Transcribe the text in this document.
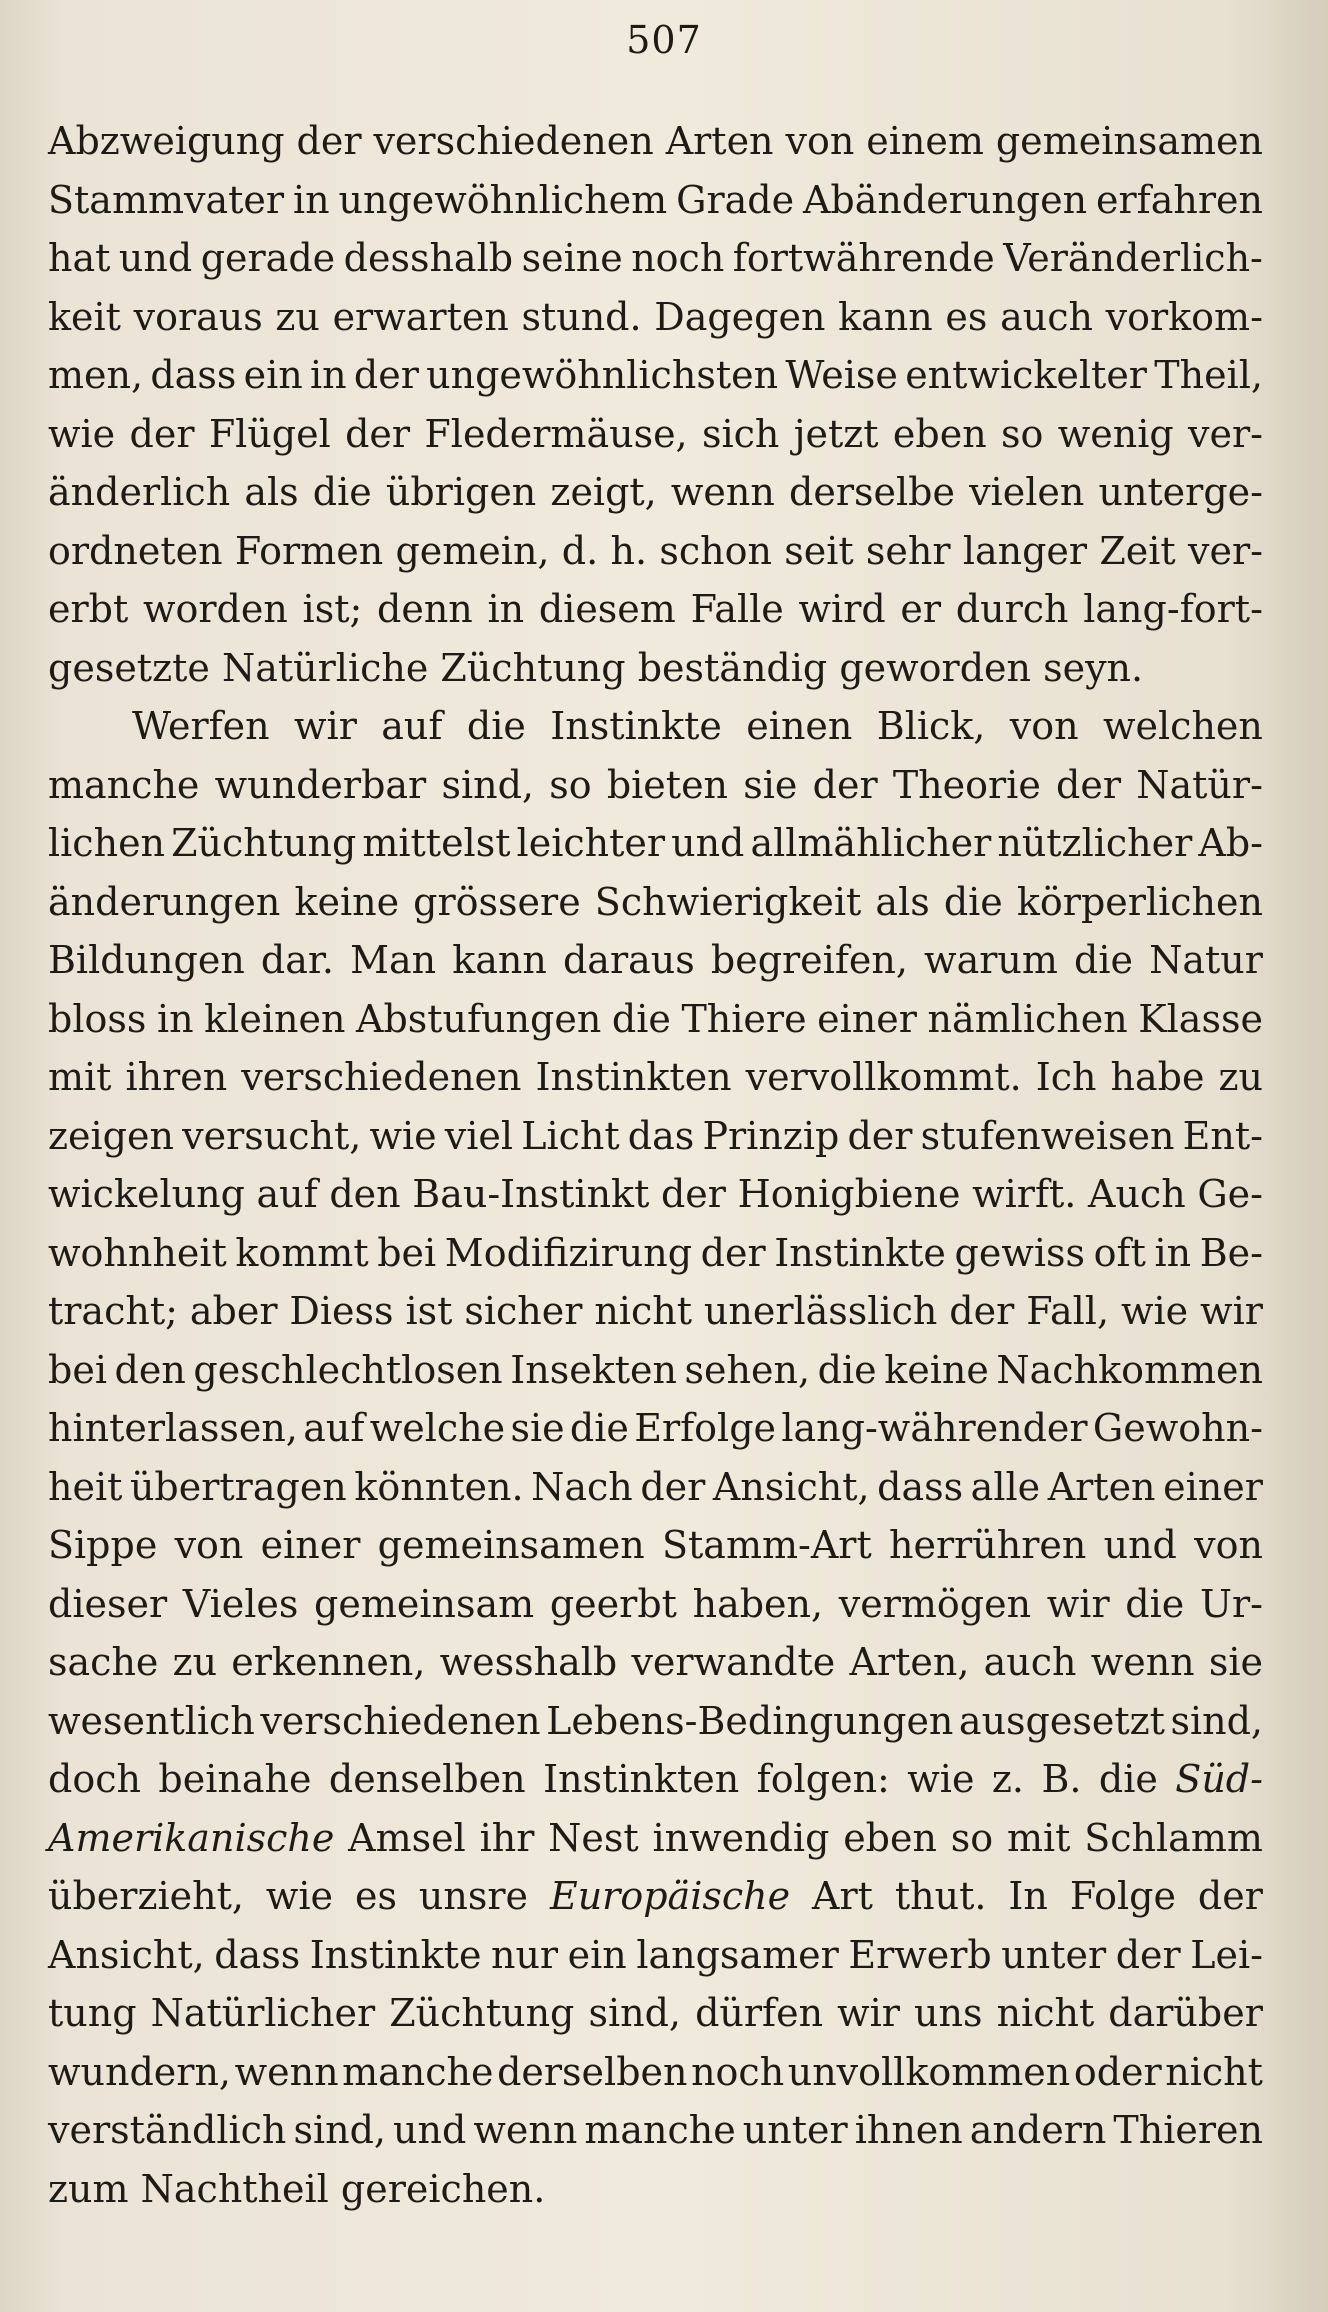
507
Abzweigung der verschiedenen Arten von einem gemeinsamen
Stammvater in ungewöhnlichem Grade Abänderungen erfahren
hat und gerade desshalb seine noch fortwährende Veränderlich-
keit voraus zu erwarten stund. Dagegen kann es auch vorkom-
men, dass ein in der ungewöhnlichsten Weise entwickelter Theil,
wie der Flügel der Fledermäuse, sich jetzt eben so wenig ver-
änderlich als die übrigen zeigt, wenn derselbe vielen unterge-
ordneten Formen gemein, d. h. schon seit sehr langer Zeit ver-
erbt worden ist; denn in diesem Falle wird er durch lang-fort-
gesetzte Natürliche Züchtung beständig geworden seyn.
Werfen wir auf die Instinkte einen Blick, von welchen
manche wunderbar sind, so bieten sie der Theorie der Natür-
lichen Züchtung mittelst leichter und allmählicher nützlicher Ab-
änderungen keine grössere Schwierigkeit als die körperlichen
Bildungen dar. Man kann daraus begreifen, warum die Natur
bloss in kleinen Abstufungen die Thiere einer nämlichen Klasse
mit ihren verschiedenen Instinkten vervollkommt. Ich habe zu
zeigen versucht, wie viel Licht das Prinzip der stufenweisen Ent-
wickelung auf den Bau-Instinkt der Honigbiene wirft. Auch Ge-
wohnheit kommt bei Modifizirung der Instinkte gewiss oft in Be-
tracht; aber Diess ist sicher nicht unerlässlich der Fall, wie wir
bei den geschlechtlosen Insekten sehen, die keine Nachkommen
hinterlassen, auf welche sie die Erfolge lang-währender Gewohn-
heit übertragen könnten. Nach der Ansicht, dass alle Arten einer
Sippe von einer gemeinsamen Stamm-Art herrühren und von
dieser Vieles gemeinsam geerbt haben, vermögen wir die Ur-
sache zu erkennen, wesshalb verwandte Arten, auch wenn sie
wesentlich verschiedenen Lebens-Bedingungen ausgesetzt sind,
doch beinahe denselben Instinkten folgen: wie z. B. die Süd-
Amerikanische Amsel ihr Nest inwendig eben so mit Schlamm
überzieht, wie es unsre Europäische Art thut. In Folge der
Ansicht, dass Instinkte nur ein langsamer Erwerb unter der Lei-
tung Natürlicher Züchtung sind, dürfen wir uns nicht darüber
wundern, wenn manche derselben noch unvollkommen oder nicht
verständlich sind, und wenn manche unter ihnen andern Thieren
zum Nachtheil gereichen.
